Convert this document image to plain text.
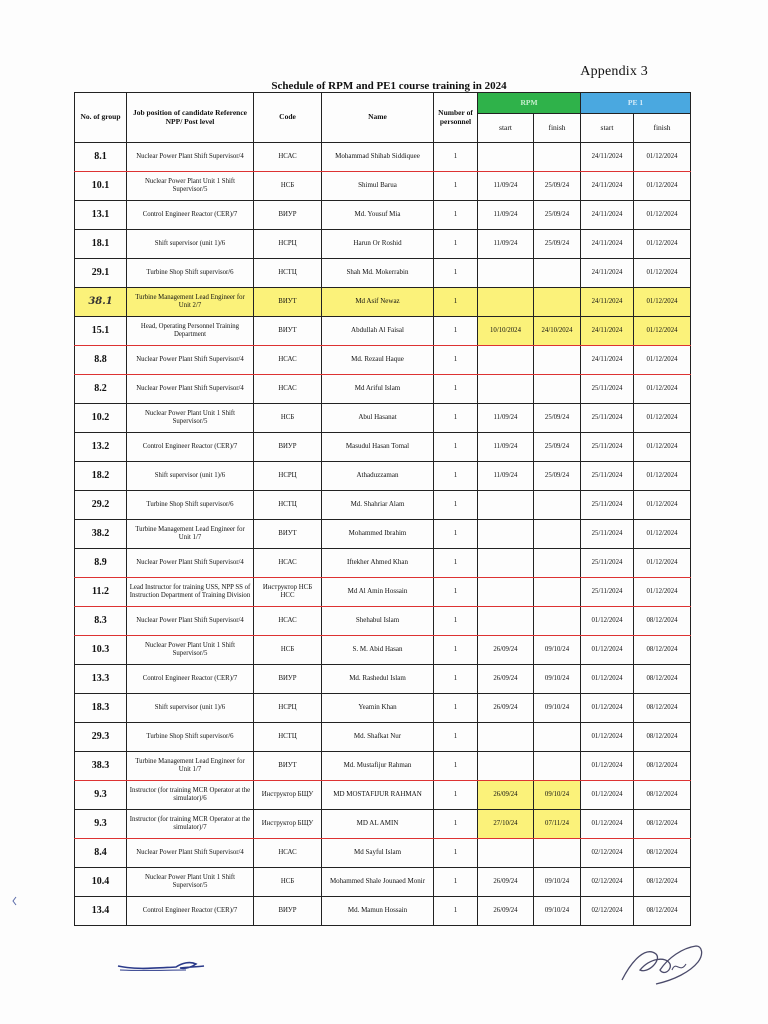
Appendix 3
Schedule of RPM and PE1 course training in 2024
No. of group	Job position of candidate Reference NPP/ Post level	Code	Name	Number of personnel	RPM		PE 1	
					start	finish	start	finish
8.1	Nuclear Power Plant Shift Supervisor/4	НСАС	Mohammad Shihab Siddiquee	1			24/11/2024	01/12/2024
10.1	Nuclear Power Plant Unit 1 Shift Supervisor/5	НСБ	Shimul Barua	1	11/09/24	25/09/24	24/11/2024	01/12/2024
13.1	Control Engineer Reactor (CER)/7	ВИУР	Md. Yousuf Mia	1	11/09/24	25/09/24	24/11/2024	01/12/2024
18.1	Shift supervisor (unit 1)/6	НСРЦ	Harun Or Roshid	1	11/09/24	25/09/24	24/11/2024	01/12/2024
29.1	Turbine Shop Shift supervisor/6	НСТЦ	Shah Md. Mokerrabin	1			24/11/2024	01/12/2024
38.1	Turbine Management Lead Engineer for Unit 2/7	ВИУТ	Md Asif Newaz	1			24/11/2024	01/12/2024
15.1	Head, Operating Personnel Training Department	ВИУТ	Abdullah Al Faisal	1	10/10/2024	24/10/2024	24/11/2024	01/12/2024
8.8	Nuclear Power Plant Shift Supervisor/4	НСАС	Md. Rezaul Haque	1			24/11/2024	01/12/2024
8.2	Nuclear Power Plant Shift Supervisor/4	НСАС	Md Ariful Islam	1			25/11/2024	01/12/2024
10.2	Nuclear Power Plant Unit 1 Shift Supervisor/5	НСБ	Abul Hasanat	1	11/09/24	25/09/24	25/11/2024	01/12/2024
13.2	Control Engineer Reactor (CER)/7	ВИУР	Masudul Hasan Tomal	1	11/09/24	25/09/24	25/11/2024	01/12/2024
18.2	Shift supervisor (unit 1)/6	НСРЦ	Athaduzzaman	1	11/09/24	25/09/24	25/11/2024	01/12/2024
29.2	Turbine Shop Shift supervisor/6	НСТЦ	Md. Shahriar Alam	1			25/11/2024	01/12/2024
38.2	Turbine Management Lead Engineer for Unit 1/7	ВИУТ	Mohammed Ibrahim	1			25/11/2024	01/12/2024
8.9	Nuclear Power Plant Shift Supervisor/4	НСАС	Iftekher Ahmed Khan	1			25/11/2024	01/12/2024
11.2	Lead Instructor for training USS, NPP SS of Instruction Department of Training Division	Инструктор НСБ НСС	Md Al Amin Hossain	1			25/11/2024	01/12/2024
8.3	Nuclear Power Plant Shift Supervisor/4	НСАС	Shehabul Islam	1			01/12/2024	08/12/2024
10.3	Nuclear Power Plant Unit 1 Shift Supervisor/5	НСБ	S. M. Abid Hasan	1	26/09/24	09/10/24	01/12/2024	08/12/2024
13.3	Control Engineer Reactor (CER)/7	ВИУР	Md. Rashedul Islam	1	26/09/24	09/10/24	01/12/2024	08/12/2024
18.3	Shift supervisor (unit 1)/6	НСРЦ	Yeamin Khan	1	26/09/24	09/10/24	01/12/2024	08/12/2024
29.3	Turbine Shop Shift supervisor/6	НСТЦ	Md. Shafkat Nur	1			01/12/2024	08/12/2024
38.3	Turbine Management Lead Engineer for Unit 1/7	ВИУТ	Md. Mustafijur Rahman	1			01/12/2024	08/12/2024
9.3	Instructor (for training MCR Operator at the simulator)/6	Инструктор БЩУ	MD MOSTAFIJUR RAHMAN	1	26/09/24	09/10/24	01/12/2024	08/12/2024
9.3	Instructor (for training MCR Operator at the simulator)/7	Инструктор БЩУ	MD AL AMIN	1	27/10/24	07/11/24	01/12/2024	08/12/2024
8.4	Nuclear Power Plant Shift Supervisor/4	НСАС	Md Sayful Islam	1			02/12/2024	08/12/2024
10.4	Nuclear Power Plant Unit 1 Shift Supervisor/5	НСБ	Mohammed Shale Jounaed Monir	1	26/09/24	09/10/24	02/12/2024	08/12/2024
13.4	Control Engineer Reactor (CER)/7	ВИУР	Md. Mamun Hossain	1	26/09/24	09/10/24	02/12/2024	08/12/2024
